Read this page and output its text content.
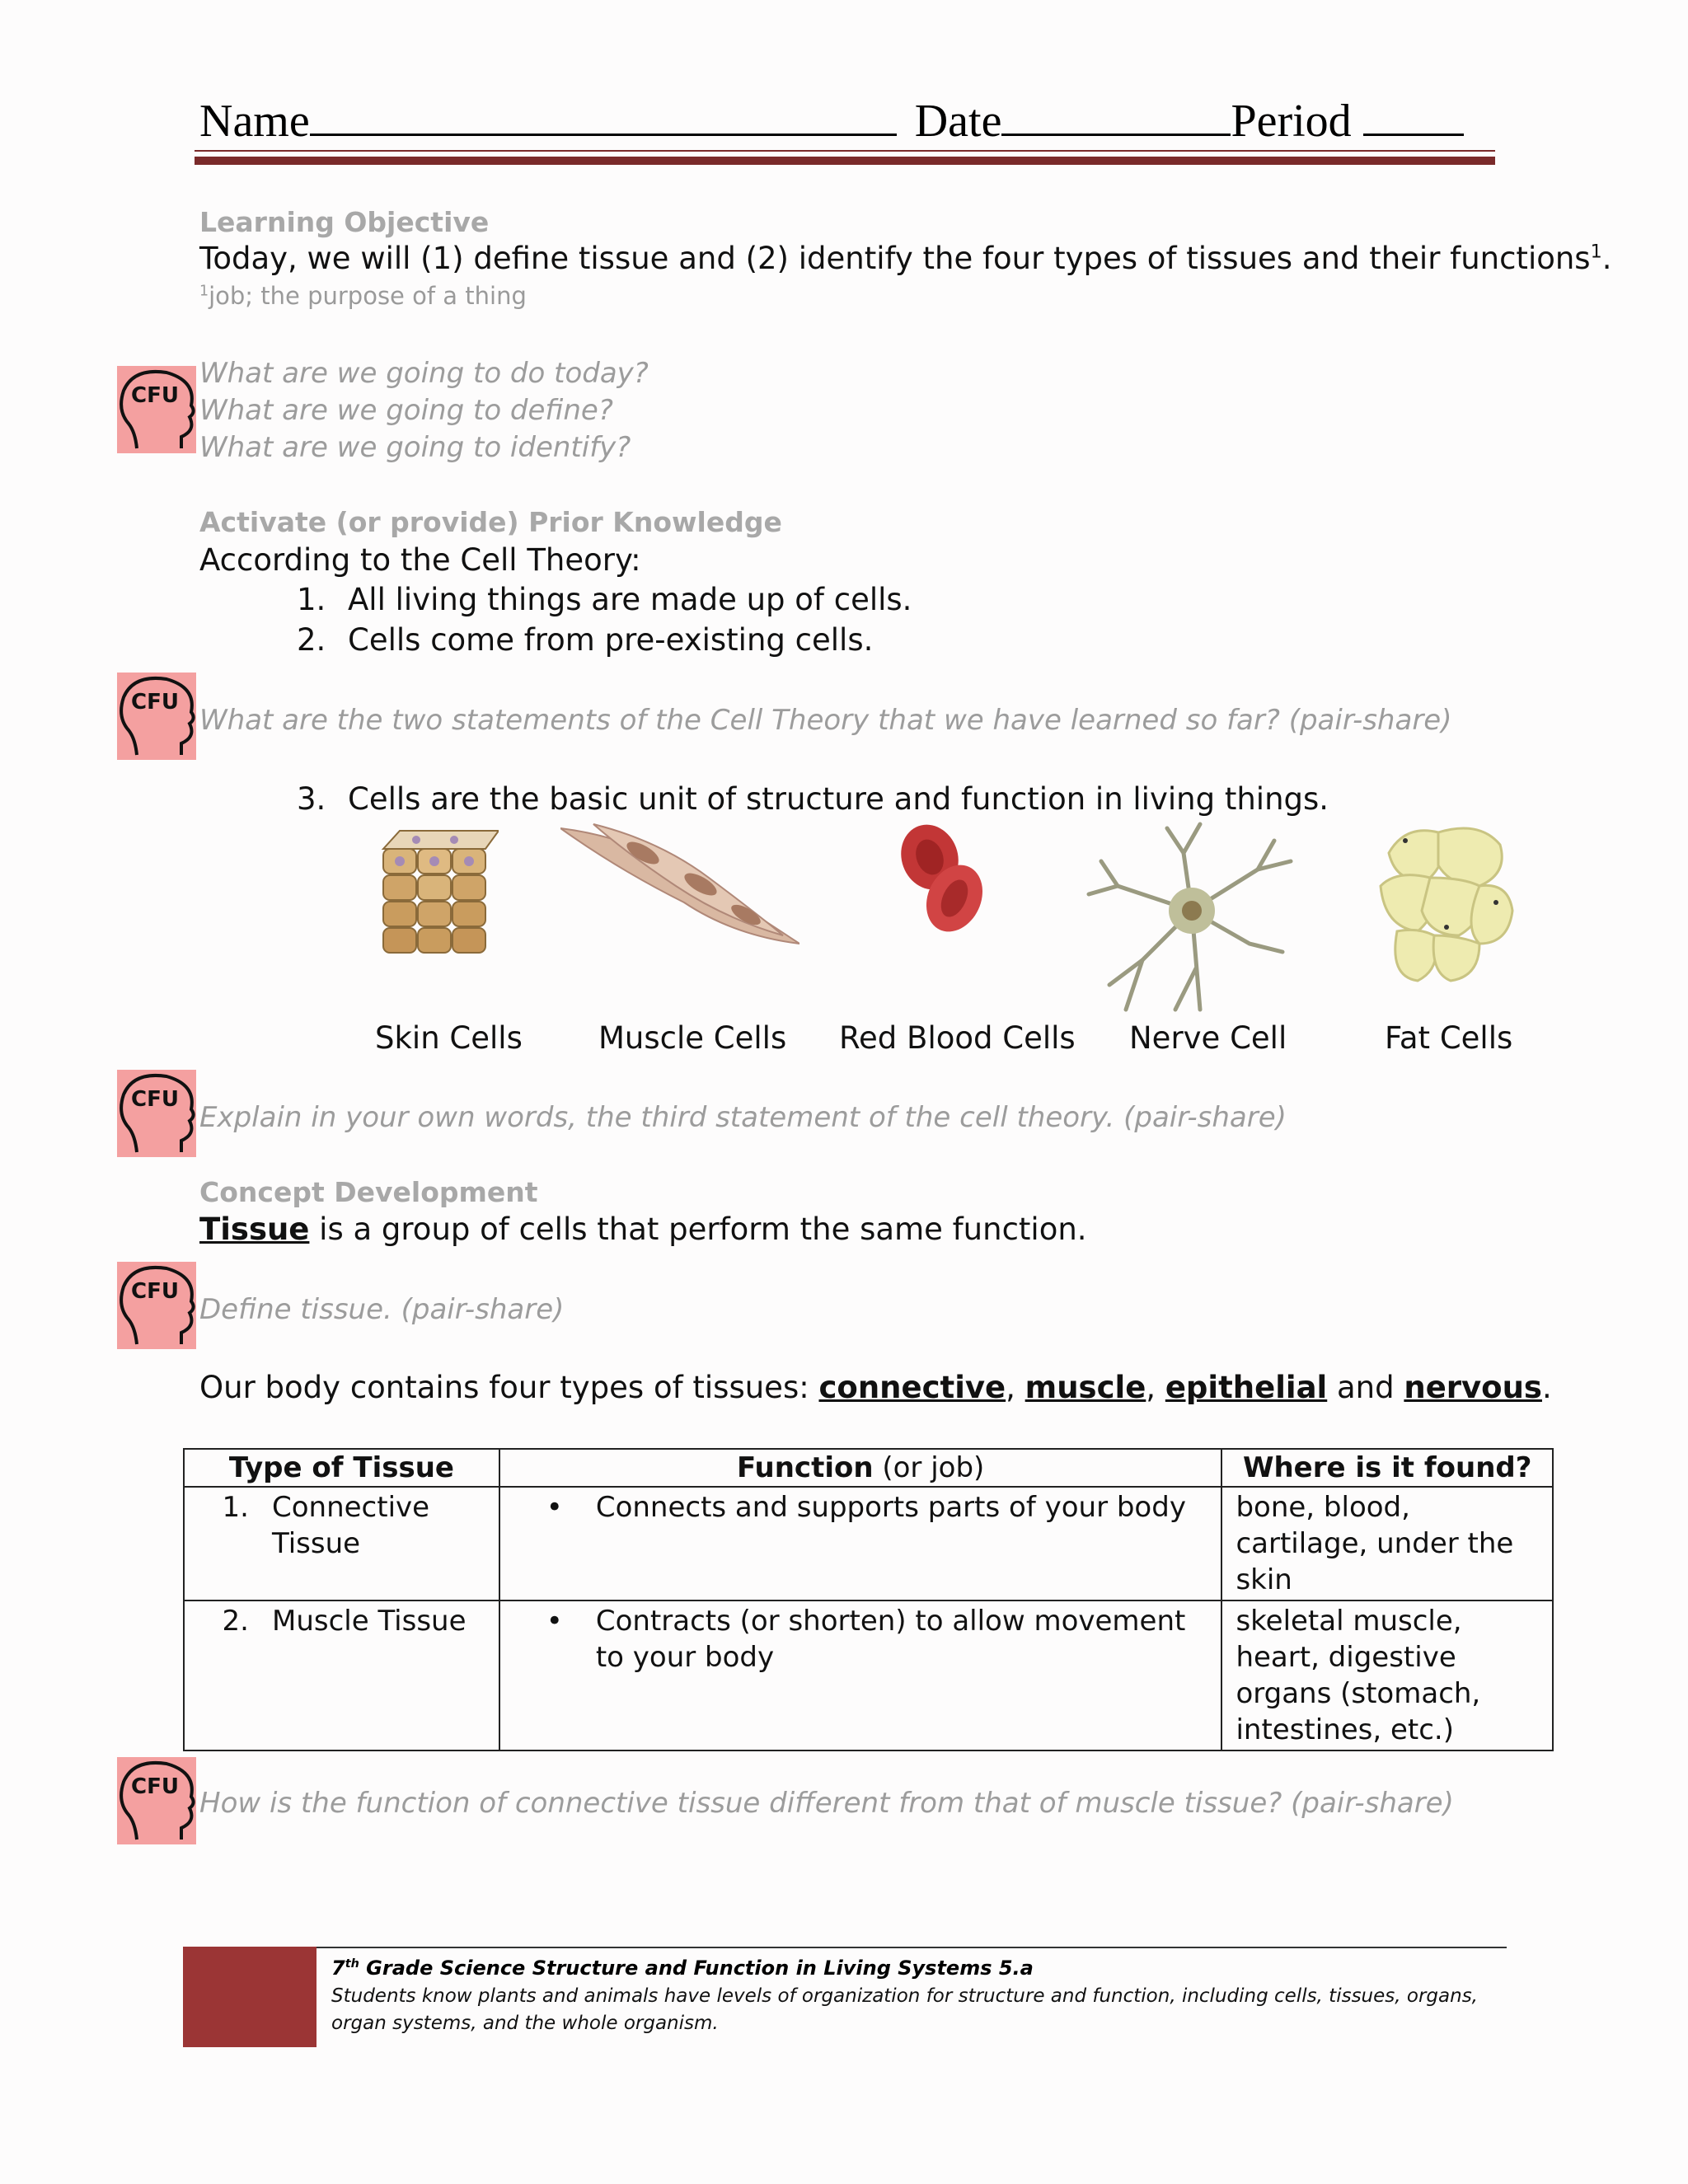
Name	Date	Period
Learning Objective
Today, we will (1) define tissue and (2) identify the four types of tissues and their functions$^1$.
$^1$job; the purpose of a thing
CFU
What are we going to do today?
What are we going to define?
What are we going to identify?
Activate (or provide) Prior Knowledge
According to the Cell Theory:
1. All living things are made up of cells.
2. Cells come from pre-existing cells.
CFU
What are the two statements of the Cell Theory that we have learned so far? (pair-share)
3. Cells are the basic unit of structure and function in living things.
Skin Cells Muscle Cells Red Blood Cells Nerve Cell	Fat Cells
CFU
Explain in your own words, the third statement of the cell theory. (pair-share)
Concept Development
Tissue is a group of cells that perform the same function.
CFU
Define tissue. (pair-share)
Our body contains four types of tissues: connective, muscle, epithelial and nervous.
Type of Tissue	Function (or job)	Where is it found?

1. Connective Tissue	• Connects and supports parts of your body	bone, blood, cartilage, under the skin

2. Muscle Tissue	• Contracts (or shorten) to allow movement to your body	skeletal muscle, heart, digestive organs (stomach, intestines, etc.)
CFU How is the function of connective tissue different from that of muscle tissue? (pair-share)
7th Grade Science Structure and Function in Living Systems 5.a
Students know plants and animals have levels of organization for structure and function, including cells, tissues, organs, organ systems, and the whole organism.
